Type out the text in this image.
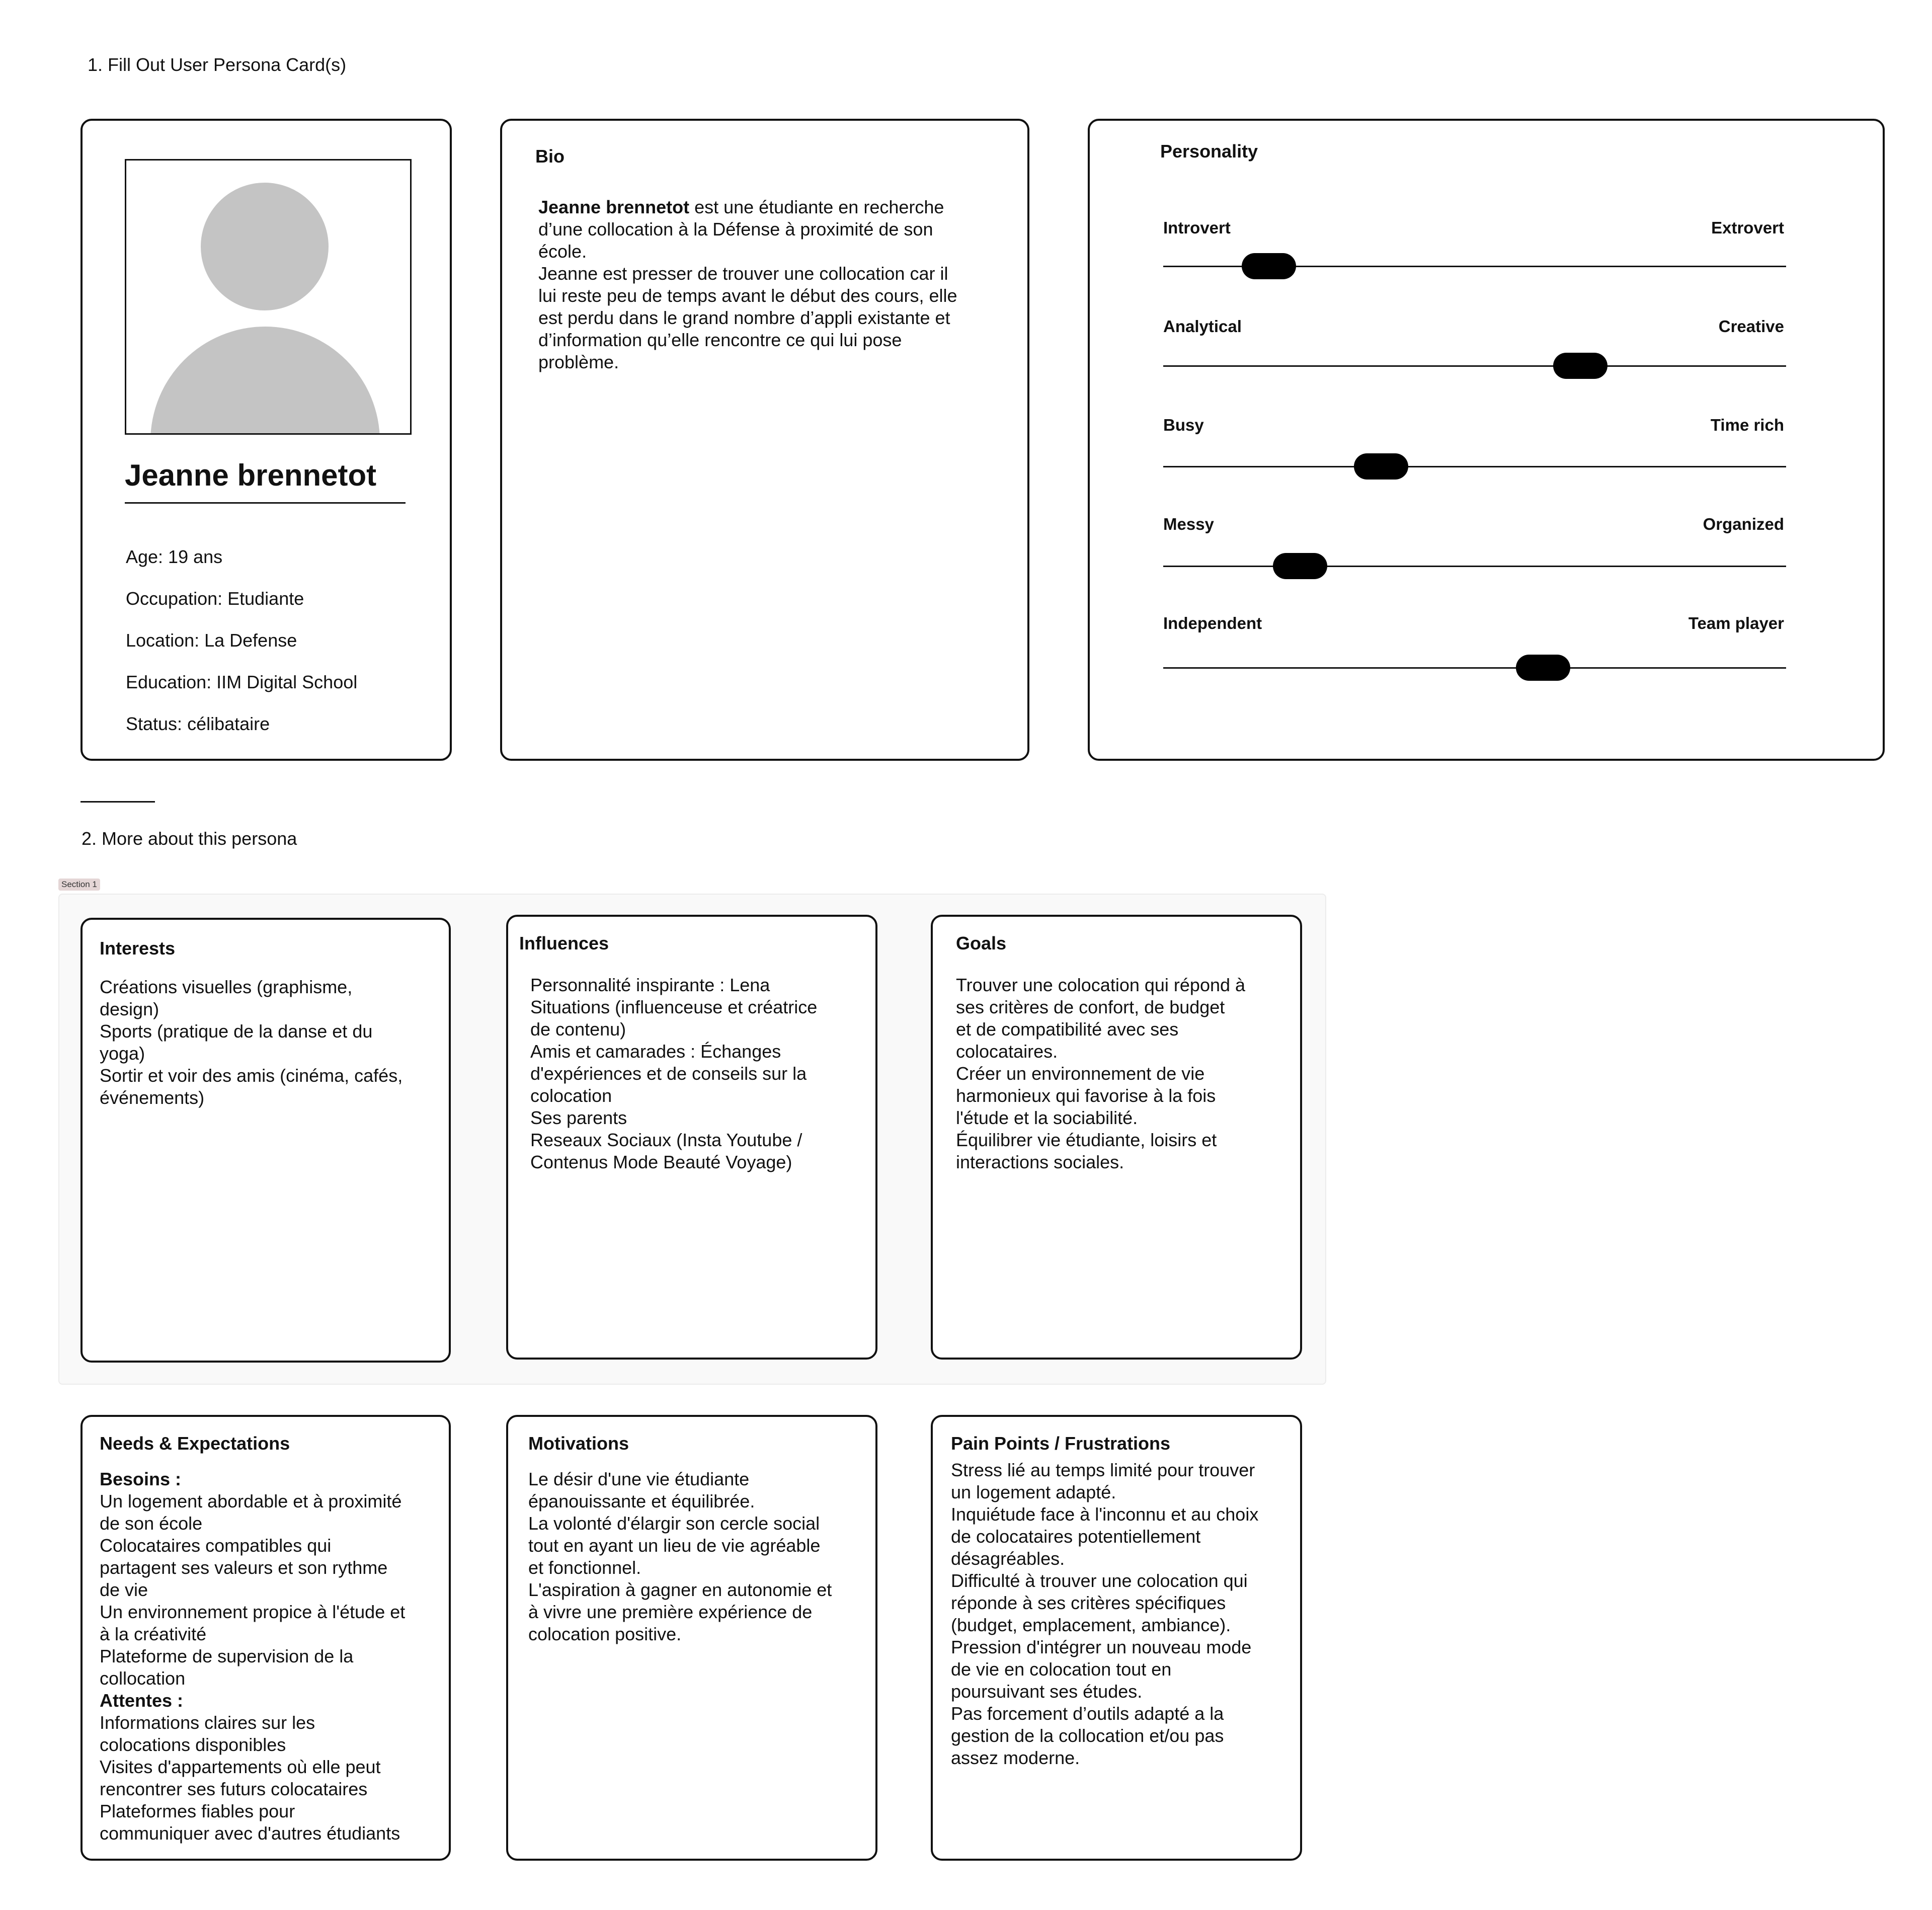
1. Fill Out User Persona Card(s)
Jeanne brennetot
Age: 19 ans
Occupation: Etudiante
Location: La Defense
Education: IIM Digital School
Status: célibataire
Bio
Jeanne brennetot est une étudiante en recherche
d’une collocation à la Défense à proximité de son
école.
Jeanne est presser de trouver une collocation car il
lui reste peu de temps avant le début des cours, elle
est perdu dans le grand nombre d’appli existante et
d’information qu’elle rencontre ce qui lui pose
problème.
Personality
Introvert	Extrovert
Analytical	Creative
Busy	Time rich
Messy	Organized
Independent	Team player
2. More about this persona
Section 1
Interests
Créations visuelles (graphisme,
design)
Sports (pratique de la danse et du
yoga)
Sortir et voir des amis (cinéma, cafés,
événements)
Influences
Personnalité inspirante : Lena
Situations (influenceuse et créatrice
de contenu)
Amis et camarades : Échanges
d'expériences et de conseils sur la
colocation
Ses parents
Reseaux Sociaux (Insta Youtube /
Contenus Mode Beauté Voyage)
Goals
Trouver une colocation qui répond à
ses critères de confort, de budget
et de compatibilité avec ses
colocataires.
Créer un environnement de vie
harmonieux qui favorise à la fois
l'étude et la sociabilité.
Équilibrer vie étudiante, loisirs et
interactions sociales.
Needs & Expectations
Besoins :
Un logement abordable et à proximité
de son école
Colocataires compatibles qui
partagent ses valeurs et son rythme
de vie
Un environnement propice à l'étude et
à la créativité
Plateforme de supervision de la
collocation
Attentes :
Informations claires sur les
colocations disponibles
Visites d'appartements où elle peut
rencontrer ses futurs colocataires
Plateformes fiables pour
communiquer avec d'autres étudiants
Motivations
Le désir d'une vie étudiante
épanouissante et équilibrée.
La volonté d'élargir son cercle social
tout en ayant un lieu de vie agréable
et fonctionnel.
L'aspiration à gagner en autonomie et
à vivre une première expérience de
colocation positive.
Pain Points / Frustrations
Stress lié au temps limité pour trouver
un logement adapté.
Inquiétude face à l'inconnu et au choix
de colocataires potentiellement
désagréables.
Difficulté à trouver une colocation qui
réponde à ses critères spécifiques
(budget, emplacement, ambiance).
Pression d'intégrer un nouveau mode
de vie en colocation tout en
poursuivant ses études.
Pas forcement d’outils adapté a la
gestion de la collocation et/ou pas
assez moderne.
